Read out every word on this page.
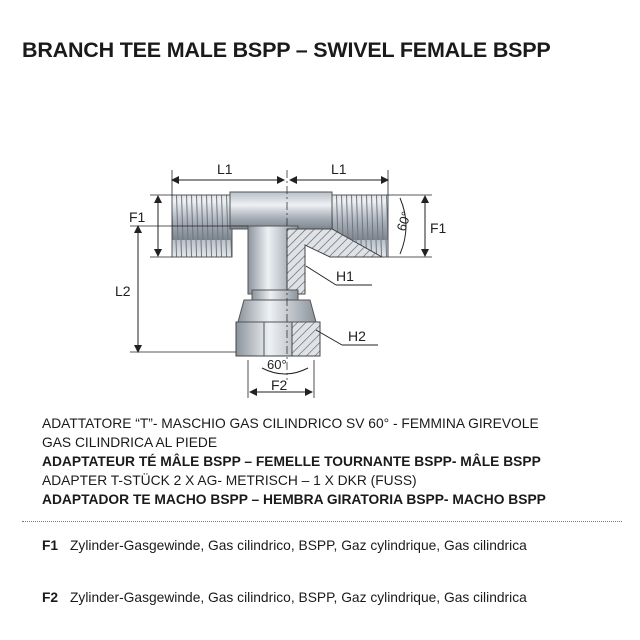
BRANCH TEE MALE BSPP – SWIVEL FEMALE BSPP
L1	L1
F1
F1
60°
L2
H1
H2
60°
F2
ADATTATORE “T”- MASCHIO GAS CILINDRICO SV 60° - FEMMINA GIREVOLE
GAS CILINDRICA AL PIEDE
ADAPTATEUR TÉ MÂLE BSPP – FEMELLE TOURNANTE BSPP- MÂLE BSPP
ADAPTER T-STÜCK 2 X AG- METRISCH – 1 X DKR (FUSS)
ADAPTADOR TE MACHO BSPP – HEMBRA GIRATORIA BSPP- MACHO BSPP
F1 Zylinder-Gasgewinde, Gas cilindrico, BSPP, Gaz cylindrique, Gas cilindrica
F2 Zylinder-Gasgewinde, Gas cilindrico, BSPP, Gaz cylindrique, Gas cilindrica
